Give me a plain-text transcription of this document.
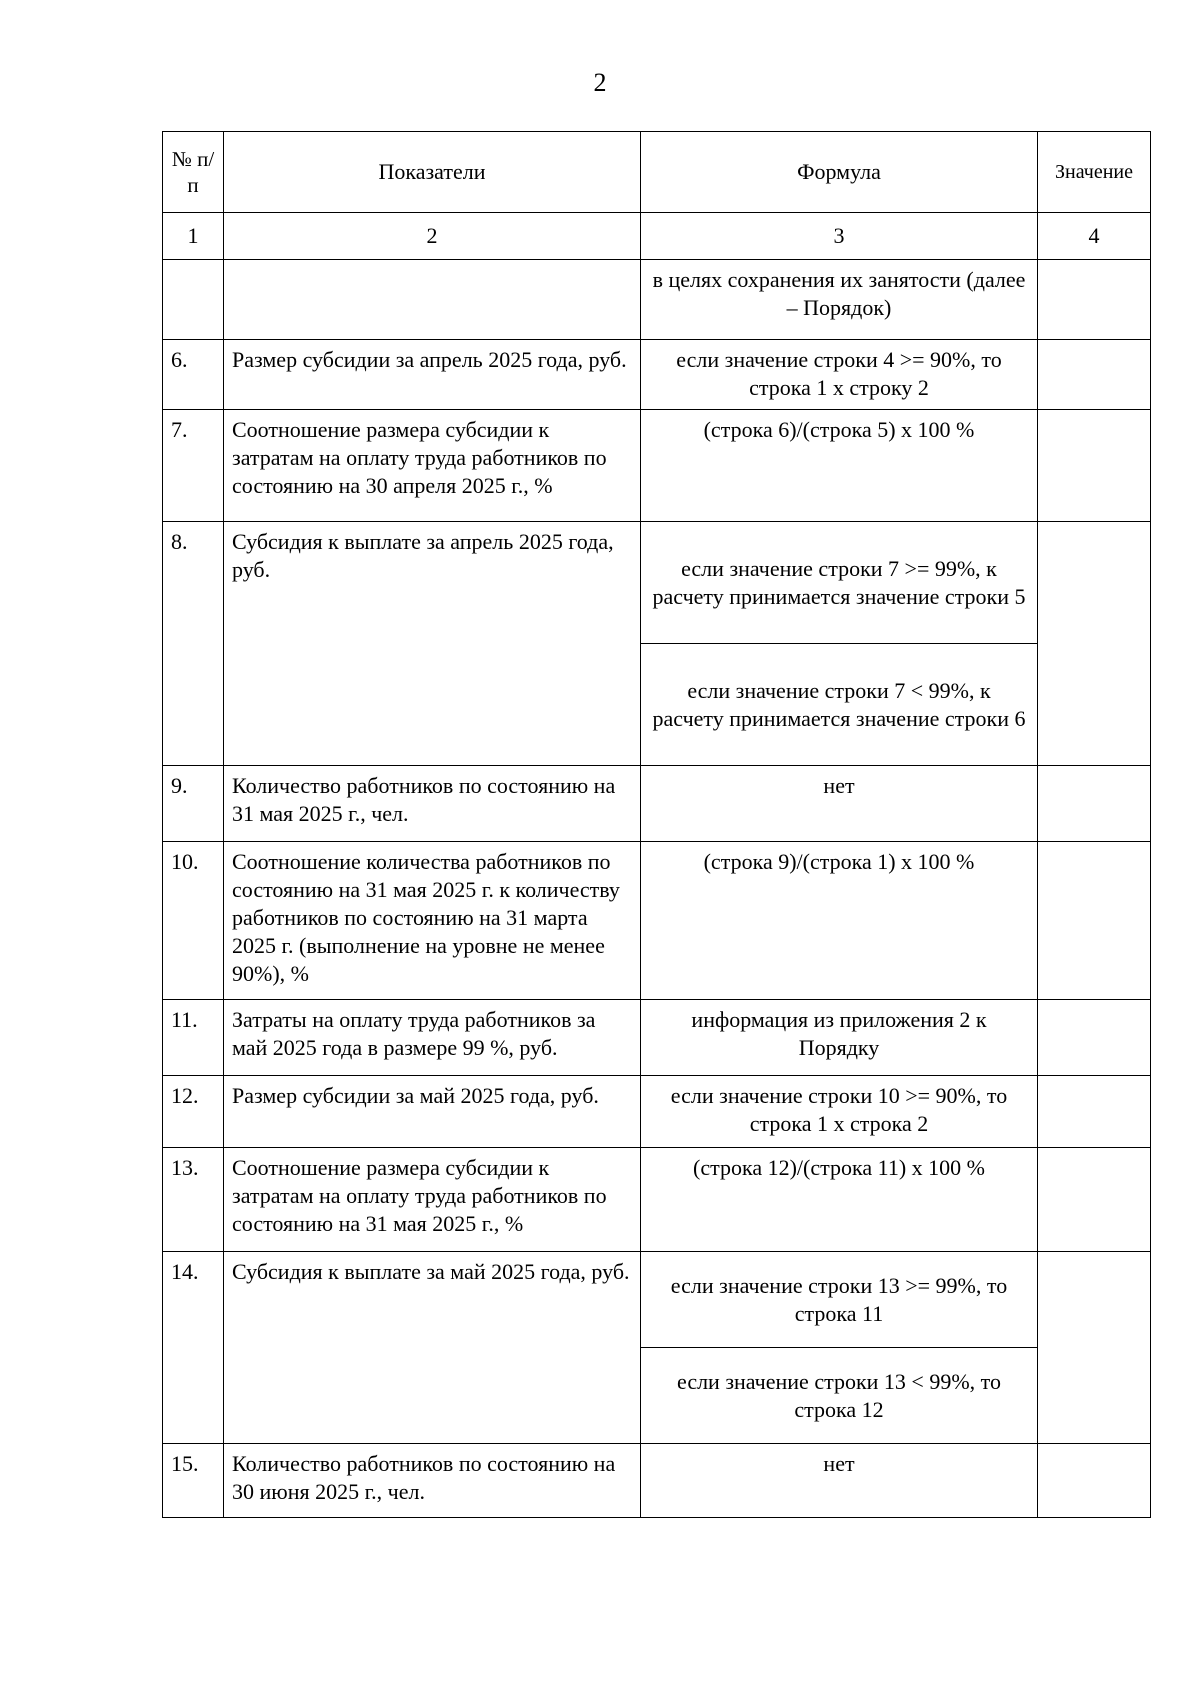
2
№ п/п	Показатели	Формула	Значение
1	2	3	4
		в целях сохранения их занятости (далее – Порядок)	
6.	Размер субсидии за апрель 2025 года, руб.	если значение строки 4 >= 90%, то строка 1 х строку 2	
7.	Соотношение размера субсидии к затратам на оплату труда работников по состоянию на 30 апреля 2025 г., %	(строка 6)/(строка 5) х 100 %	
8.	Субсидия к выплате за апрель 2025 года, руб.	если значение строки 7 >= 99%, к расчету принимается значение строки 5	
		если значение строки 7 < 99%, к расчету принимается значение строки 6	
9.	Количество работников по состоянию на 31 мая 2025 г., чел.	нет	
10.	Соотношение количества работников по состоянию на 31 мая 2025 г. к количеству работников по состоянию на 31 марта 2025 г. (выполнение на уровне не менее 90%), %	(строка 9)/(строка 1) х 100 %	
11.	Затраты на оплату труда работников за май 2025 года в размере 99 %, руб.	информация из приложения 2 к Порядку	
12.	Размер субсидии за май 2025 года, руб.	если значение строки 10 >= 90%, то строка 1 х строка 2	
13.	Соотношение размера субсидии к затратам на оплату труда работников по состоянию на 31 мая 2025 г., %	(строка 12)/(строка 11) х 100 %	
14.	Субсидия к выплате за май 2025 года, руб.	если значение строки 13 >= 99%, то строка 11	
		если значение строки 13 < 99%, то строка 12	
15.	Количество работников по состоянию на 30 июня 2025 г., чел.	нет	
